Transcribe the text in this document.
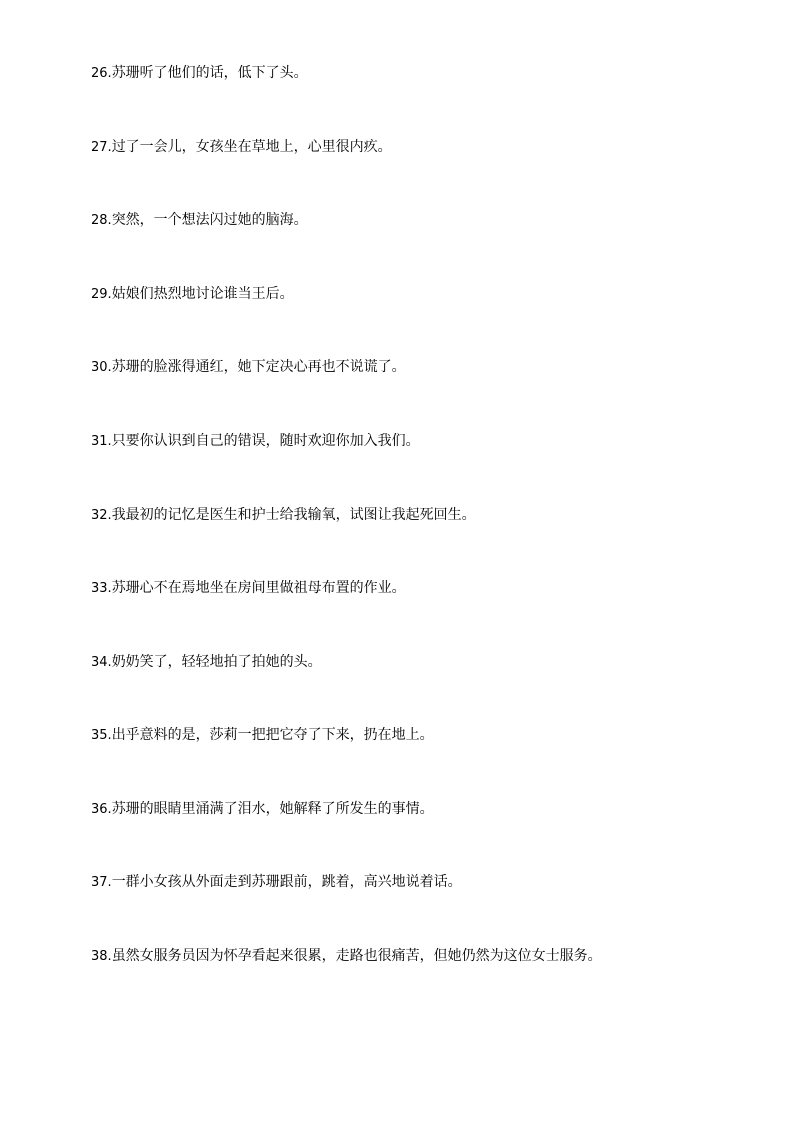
26.苏珊听了他们的话，低下了头。
27.过了一会儿，女孩坐在草地上，心里很内疚。
28.突然，一个想法闪过她的脑海。
29.姑娘们热烈地讨论谁当王后。
30.苏珊的脸涨得通红，她下定决心再也不说谎了。
31.只要你认识到自己的错误，随时欢迎你加入我们。
32.我最初的记忆是医生和护士给我输氧，试图让我起死回生。
33.苏珊心不在焉地坐在房间里做祖母布置的作业。
34.奶奶笑了，轻轻地拍了拍她的头。
35.出乎意料的是，莎莉一把把它夺了下来，扔在地上。
36.苏珊的眼睛里涌满了泪水，她解释了所发生的事情。
37.一群小女孩从外面走到苏珊跟前，跳着，高兴地说着话。
38.虽然女服务员因为怀孕看起来很累，走路也很痛苦，但她仍然为这位女士服务。
